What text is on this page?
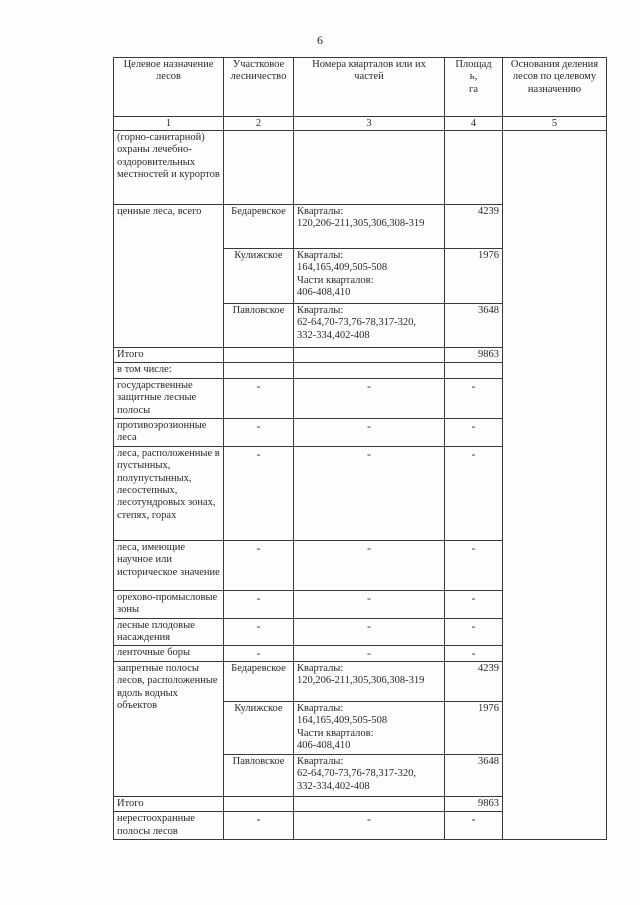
6
Целевое назначение лесов	Участковое лесничество	Номера кварталов или их частей	Площад
ь,
га	Основания деления лесов по целевому назначению
1	2	3	4	5
(горно-санитарной) охраны лечебно-оздоровительных местностей и курортов				
ценные леса, всего	Бедаревское	Кварталы:
120,206-211,305,306,308-319	4239	
	Кулижское	Кварталы:
164,165,409,505-508
Части кварталов:
406-408,410	1976	
	Павловское	Кварталы:
62-64,70-73,76-78,317-320,
332-334,402-408	3648	
Итого			9863	
в том числе:				
государственные защитные лесные полосы	-	-	-	
противоэрозионные леса	-	-	-	
леса, расположенные в пустынных, полупустынных, лесостепных, лесотундровых зонах, степях, горах	-	-	-	
леса, имеющие научное или историческое значение	-	-	-	
орехово-промысловые зоны	-	-	-	
лесные плодовые насаждения	-	-	-	
ленточные боры	-	-	-	
запретные полосы лесов, расположенные вдоль водных объектов	Бедаревское	Кварталы:
120,206-211,305,306,308-319	4239	
	Кулижское	Кварталы:
164,165,409,505-508
Части кварталов:
406-408,410	1976	
	Павловское	Кварталы:
62-64,70-73,76-78,317-320,
332-334,402-408	3648	
Итого			9863	
нерестоохранные полосы лесов	-	-	-	
